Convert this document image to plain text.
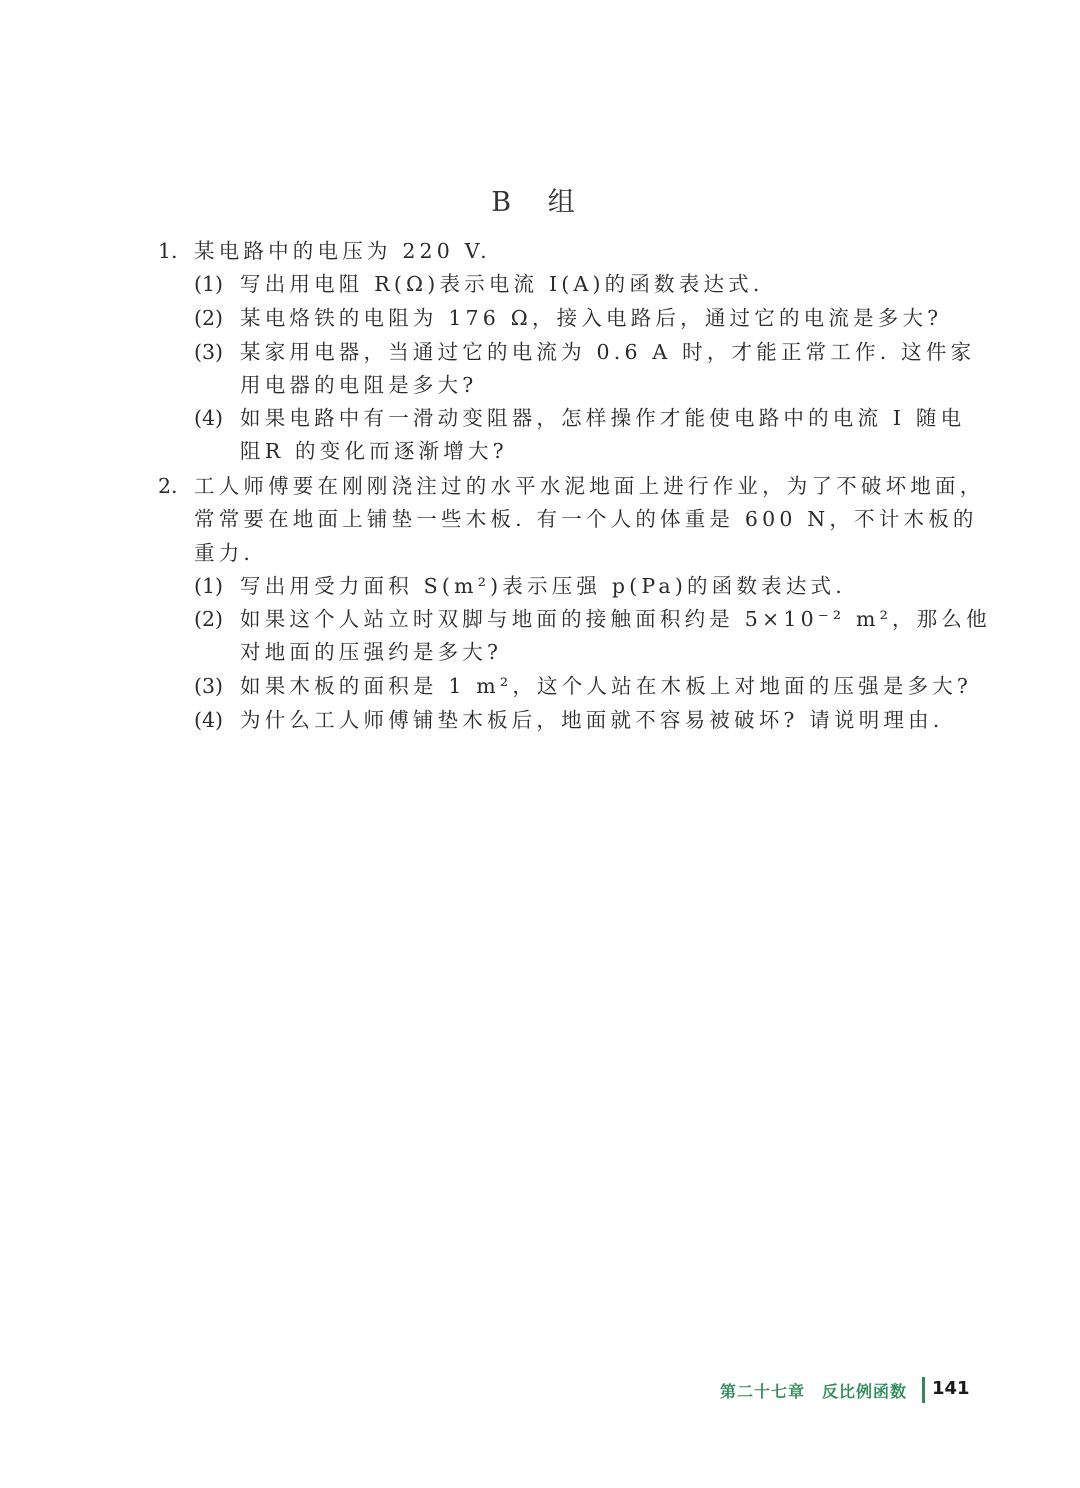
B 组
1. 某电路中的电压为 220 V.
(1) 写出用电阻 R(Ω)表示电流 I(A)的函数表达式.
(2) 某电烙铁的电阻为 176 Ω，接入电路后，通过它的电流是多大?
(3) 某家用电器，当通过它的电流为 0.6 A 时，才能正常工作. 这件家
用电器的电阻是多大?
(4) 如果电路中有一滑动变阻器，怎样操作才能使电路中的电流 I 随电
阻R 的变化而逐渐增大?
2. 工人师傅要在刚刚浇注过的水平水泥地面上进行作业，为了不破坏地面，
常常要在地面上铺垫一些木板. 有一个人的体重是 600 N，不计木板的
重力.
(1) 写出用受力面积 S(m²)表示压强 p(Pa)的函数表达式.
(2) 如果这个人站立时双脚与地面的接触面积约是 5×10⁻² m²，那么他
对地面的压强约是多大?
(3) 如果木板的面积是 1 m²，这个人站在木板上对地面的压强是多大?
(4) 为什么工人师傅铺垫木板后，地面就不容易被破坏? 请说明理由.
第二十七章　反比例函数 141
